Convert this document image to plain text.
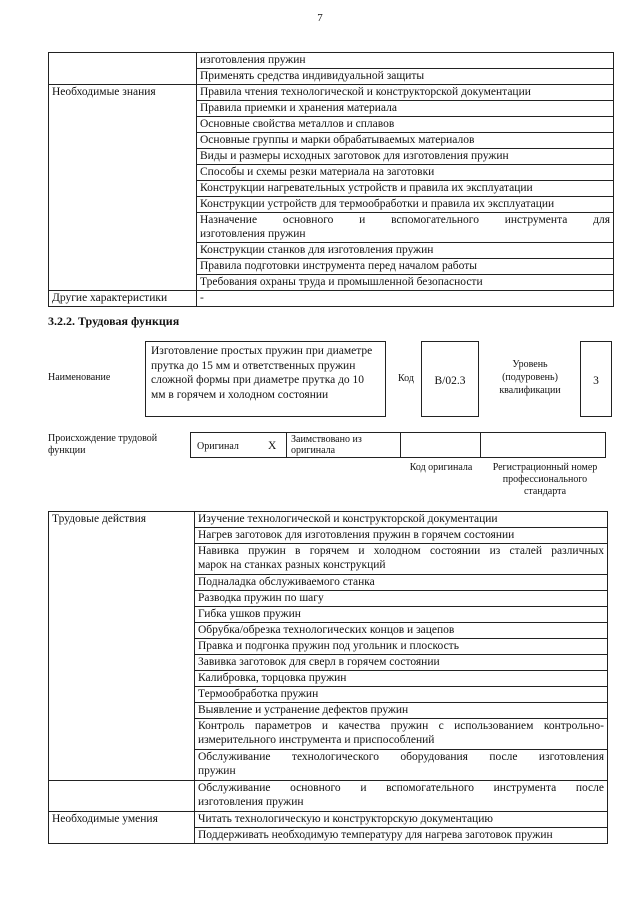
7
	изготовления пружин
	Применять средства индивидуальной защиты
Необходимые знания	Правила чтения технологической и конструкторской документации
	Правила приемки и хранения материала
	Основные свойства металлов и сплавов
	Основные группы и марки обрабатываемых материалов
	Виды и размеры исходных заготовок для изготовления пружин
	Способы и схемы резки материала на заготовки
	Конструкции нагревательных устройств и правила их эксплуатации
	Конструкции устройств для термообработки и правила их эксплуатации

	Назначение основного и вспомогательного инструмента для
изготовления пружин
	Конструкции станков для изготовления пружин
	Правила подготовки инструмента перед началом работы
	Требования охраны труда и промышленной безопасности
Другие характеристики	-
3.2.2. Трудовая функция
Наименование
Изготовление простых пружин при диаметре прутка до 15 мм и ответственных пружин сложной формы при диаметре прутка до 10 мм в горячем и холодном состоянии
Код	B/02.3
Уровень (подуровень) квалификации
3
Происхождение трудовой функции	Оригинал	X
Заимствовано из оригинала
Код оригинала	Регистрационный номер профессионального стандарта
Трудовые действия	Изучение технологической и конструкторской документации
	Нагрев заготовок для изготовления пружин в горячем состоянии

	Навивка пружин в горячем и холодном состоянии из сталей различных
марок на станках разных конструкций
	Подналадка обслуживаемого станка
	Разводка пружин по шагу
	Гибка ушков пружин
	Обрубка/обрезка технологических концов и зацепов
	Правка и подгонка пружин под угольник и плоскость
	Завивка заготовок для сверл в горячем состоянии
	Калибровка, торцовка пружин
	Термообработка пружин
	Выявление и устранение дефектов пружин

	Контроль параметров и качества пружин с использованием контрольно-
измерительного инструмента и приспособлений

	Обслуживание технологического оборудования после изготовления
пружин

	Обслуживание основного и вспомогательного инструмента после
изготовления пружин
Необходимые умения	Читать технологическую и конструкторскую документацию
	Поддерживать необходимую температуру для нагрева заготовок пружин
